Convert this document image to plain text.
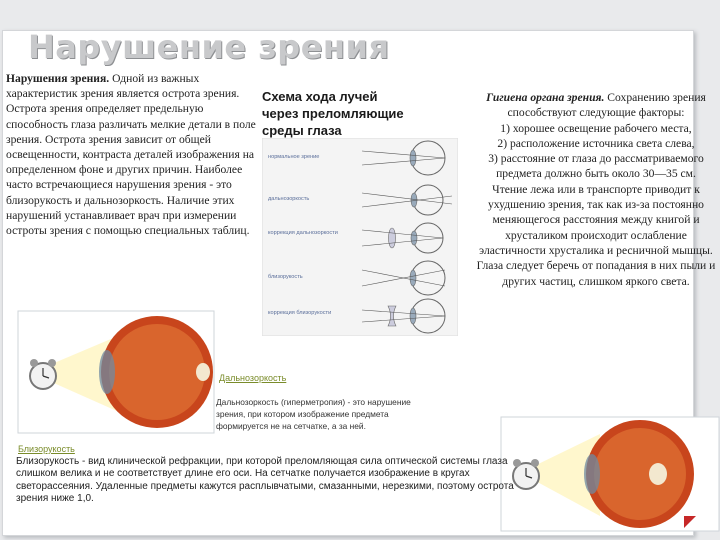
Нарушение зрения
Нарушения зрения. Одной из важных характеристик зрения является острота зрения. Острота зрения определяет предельную способность глаза различать мелкие детали в поле зрения. Острота зрения зависит от общей освещенности, контраста деталей изображения на определенном фоне и других причин. Наиболее часто встречающиеся нарушения зрения - это близорукость и дальнозоркость. Наличие этих нарушений устанавливает врач при измерении остроты зрения с помощью специальных таблиц.
Схема хода лучей
через преломляющие
среды глаза
нормальное зрение
дальнозоркость
коррекция дальнозоркости
близорукость
коррекция близорукости

Гигиена органа зрения. Сохранению зрения способствуют следующие факторы:

1) хорошее освещение рабочего места,

2) расположение источника света слева,

3) расстояние от глаза до рассматриваемого предмета должно быть около 30—35 см.

Чтение лежа или в транспорте приводит к ухудшению зрения, так как из-за постоянно меняющегося расстояния между книгой и хрусталиком происходит ослабление эластичности хрусталика и ресничной мышцы. Глаза следует беречь от попадания в них пыли и других частиц, слишком яркого света.

Дальнозоркость
Дальнозоркость (гиперметропия) - это нарушение зрения, при котором изображение предмета формируется не на сетчатке, а за ней.
Близорукость
Близорукость - вид клинической рефракции, при которой преломляющая сила оптической системы глаза слишком велика и не соответствует длине его оси. На сетчатке получается изображение в кругах светорассеяния. Удаленные предметы кажутся расплывчатыми, смазанными, нерезкими, поэтому острота зрения ниже 1,0.
